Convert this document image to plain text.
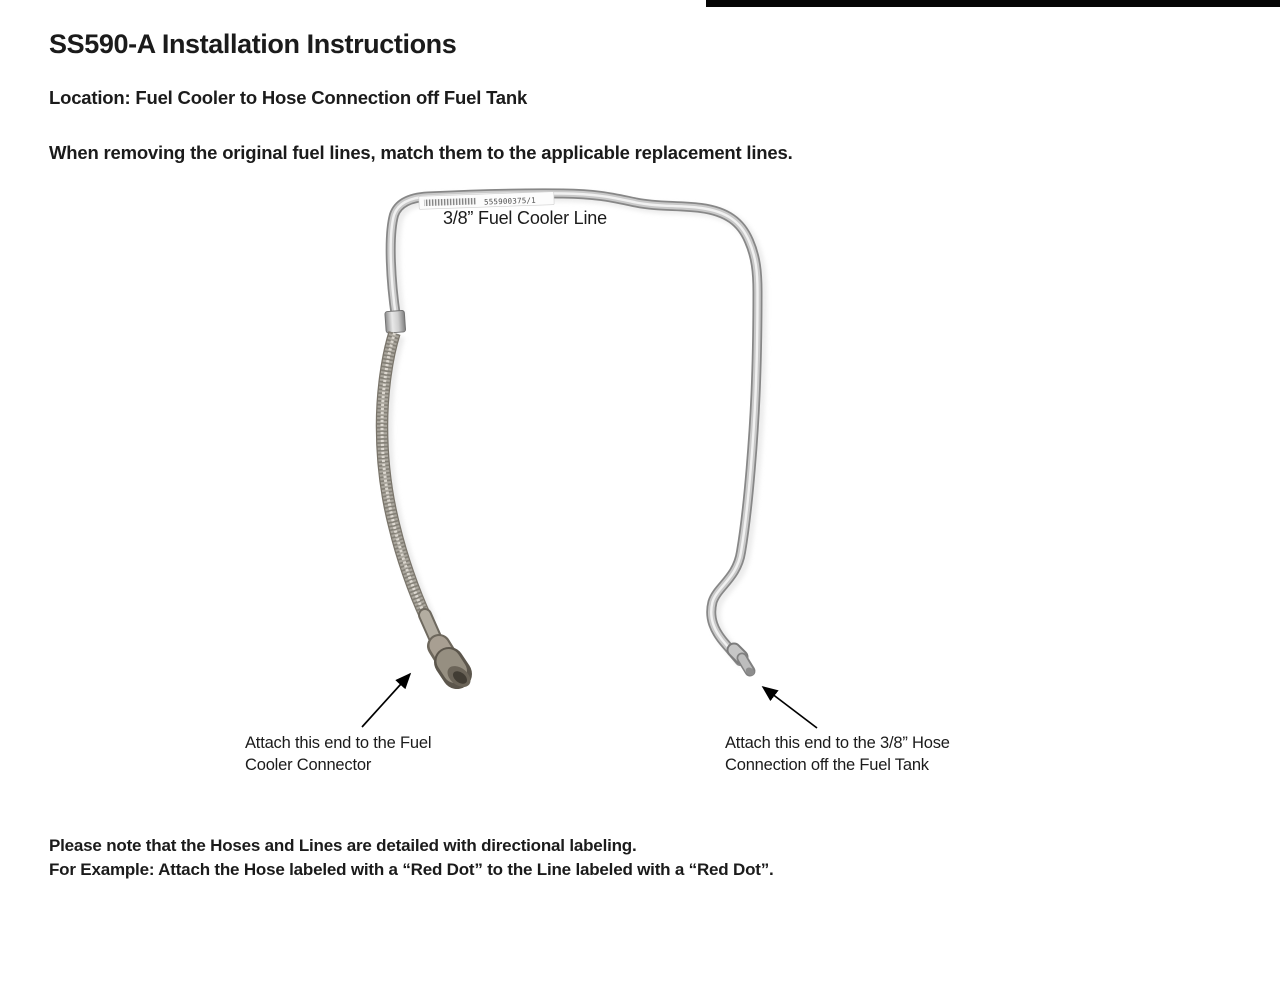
SS590-A Installation Instructions
Location: Fuel Cooler to Hose Connection off Fuel Tank
When removing the original fuel lines, match them to the applicable replacement lines.
555900375/1
3/8” Fuel Cooler Line
Attach this end to the Fuel
Cooler Connector
Attach this end to the 3/8” Hose
Connection off the Fuel Tank
Please note that the Hoses and Lines are detailed with directional labeling.
For Example: Attach the Hose labeled with a “Red Dot” to the Line labeled with a “Red Dot”.
